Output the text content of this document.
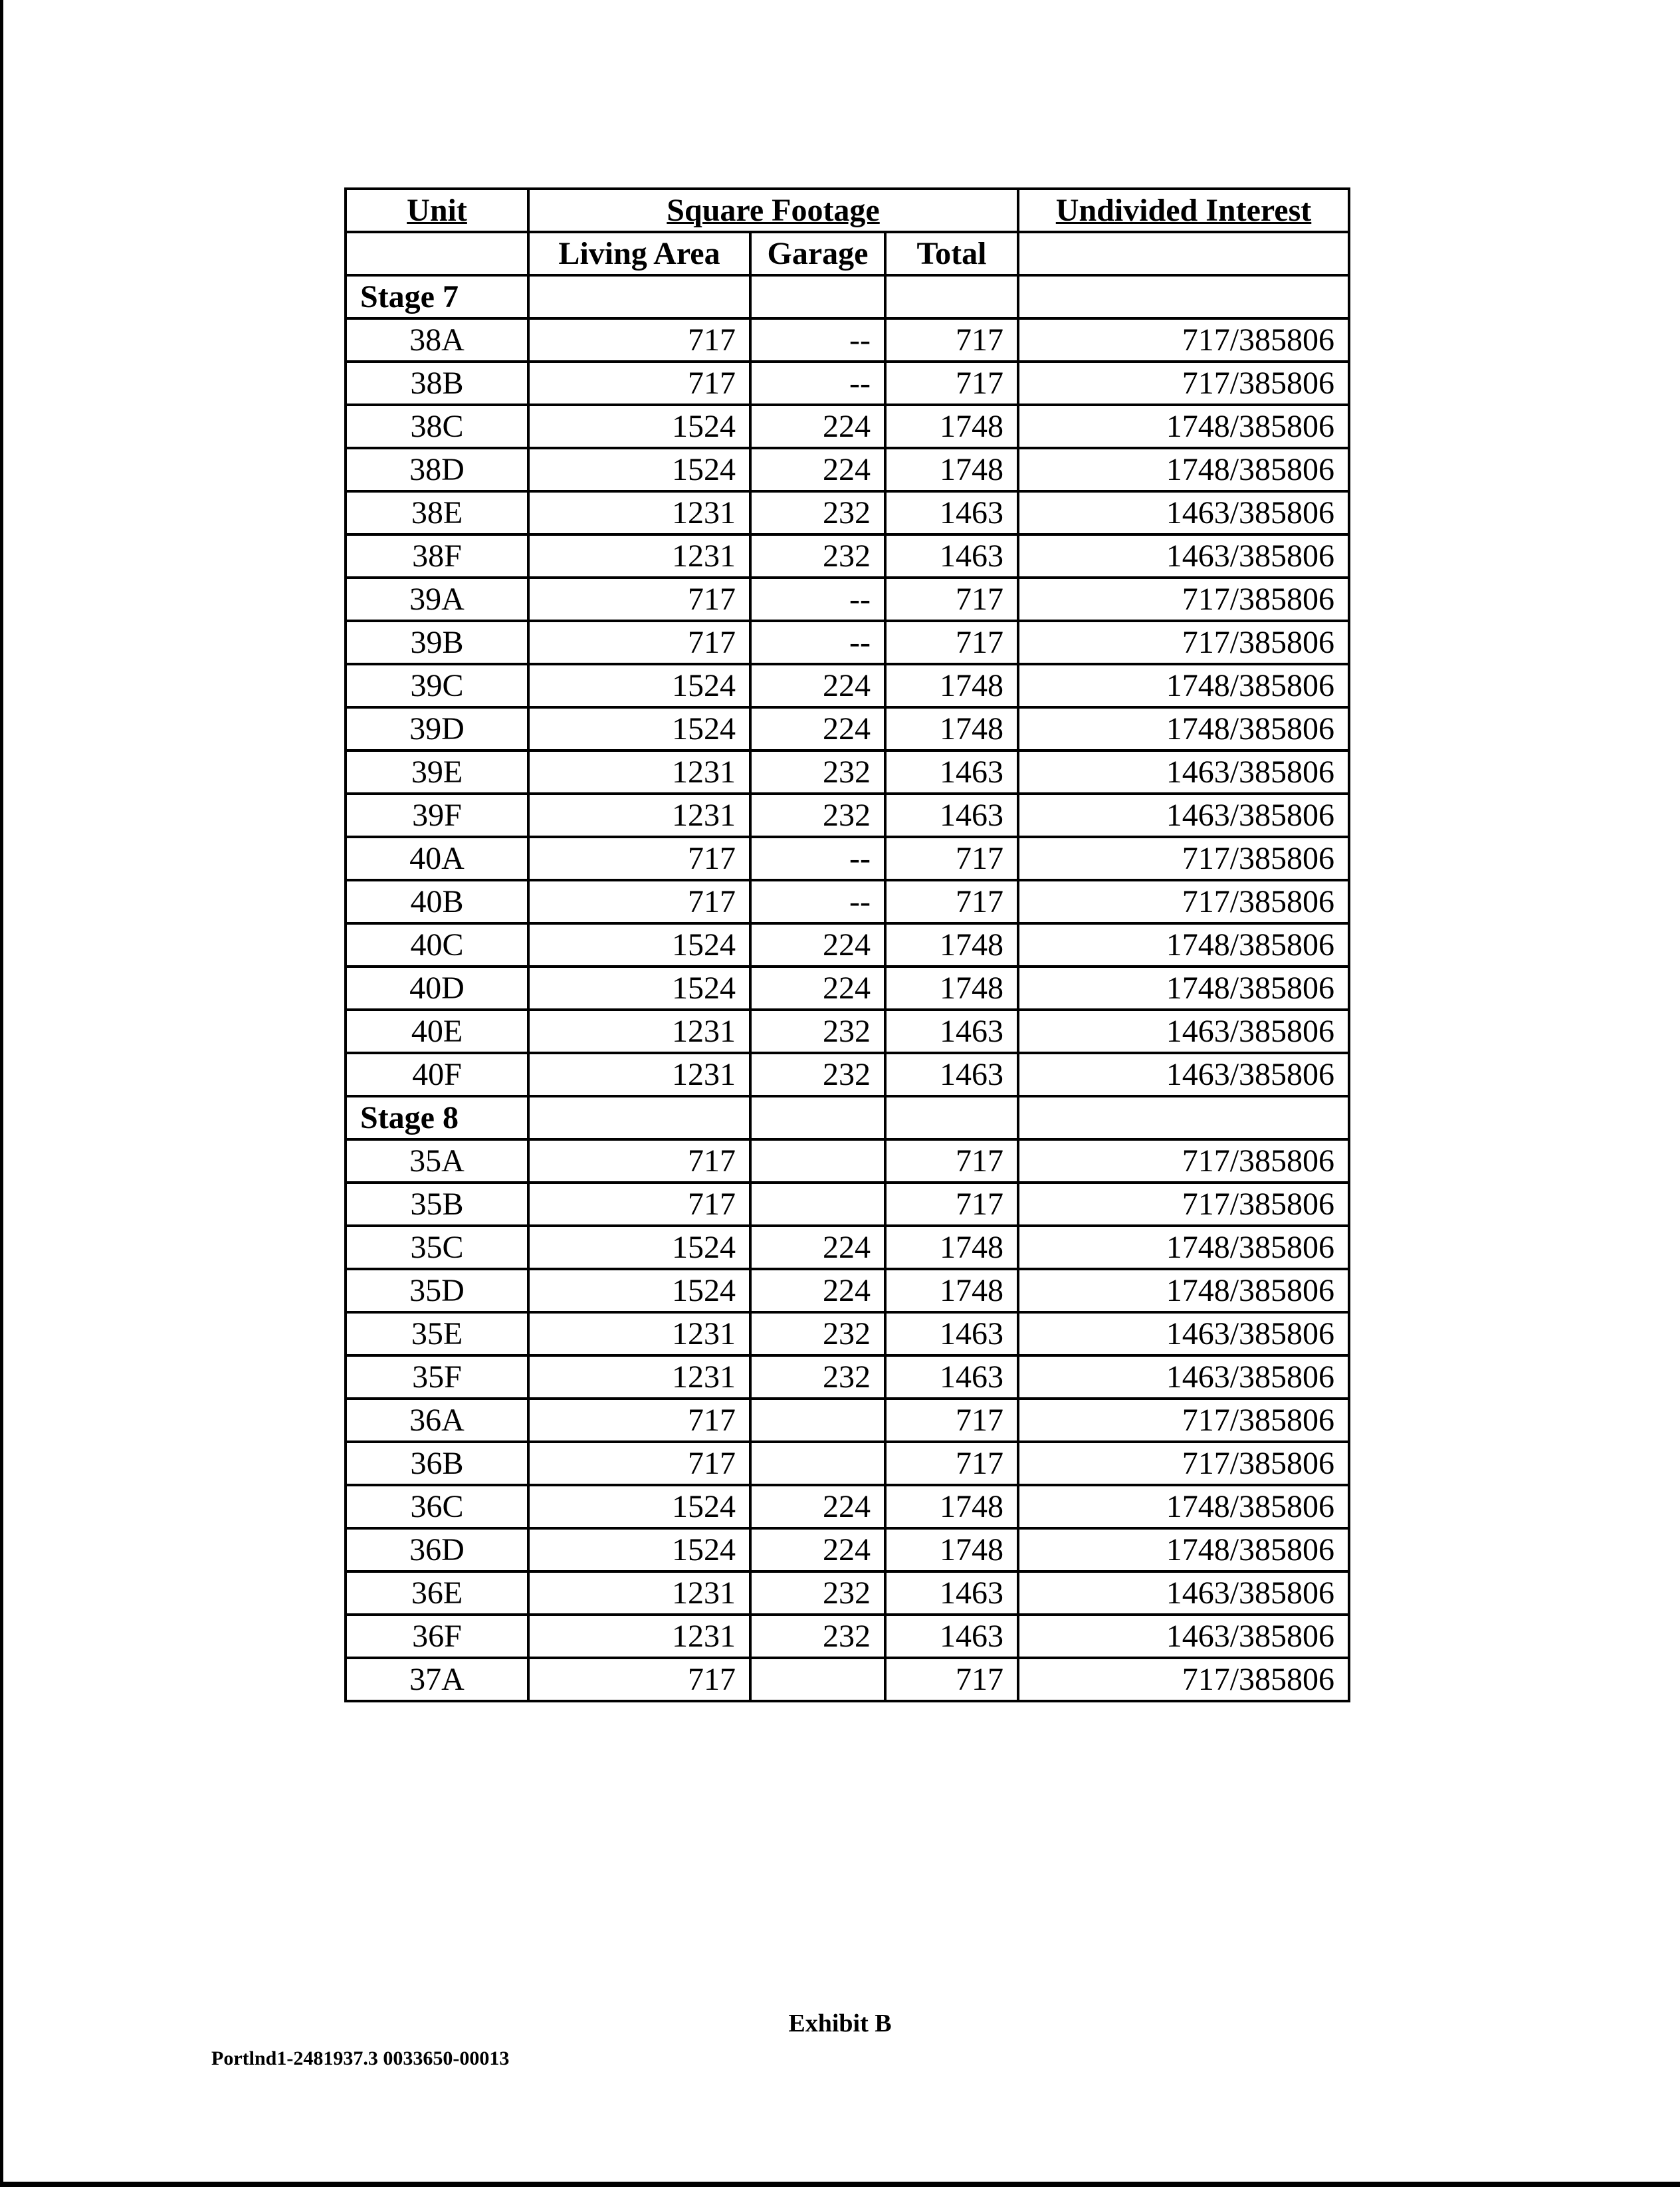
Unit	Square Footage			Undivided Interest
	Living Area	Garage	Total	
Stage 7				
38A	717	--	717	717/385806
38B	717	--	717	717/385806
38C	1524	224	1748	1748/385806
38D	1524	224	1748	1748/385806
38E	1231	232	1463	1463/385806
38F	1231	232	1463	1463/385806
39A	717	--	717	717/385806
39B	717	--	717	717/385806
39C	1524	224	1748	1748/385806
39D	1524	224	1748	1748/385806
39E	1231	232	1463	1463/385806
39F	1231	232	1463	1463/385806
40A	717	--	717	717/385806
40B	717	--	717	717/385806
40C	1524	224	1748	1748/385806
40D	1524	224	1748	1748/385806
40E	1231	232	1463	1463/385806
40F	1231	232	1463	1463/385806
Stage 8				
35A	717		717	717/385806
35B	717		717	717/385806
35C	1524	224	1748	1748/385806
35D	1524	224	1748	1748/385806
35E	1231	232	1463	1463/385806
35F	1231	232	1463	1463/385806
36A	717		717	717/385806
36B	717		717	717/385806
36C	1524	224	1748	1748/385806
36D	1524	224	1748	1748/385806
36E	1231	232	1463	1463/385806
36F	1231	232	1463	1463/385806
37A	717		717	717/385806
Exhibit B
Portlnd1-2481937.3 0033650-00013
